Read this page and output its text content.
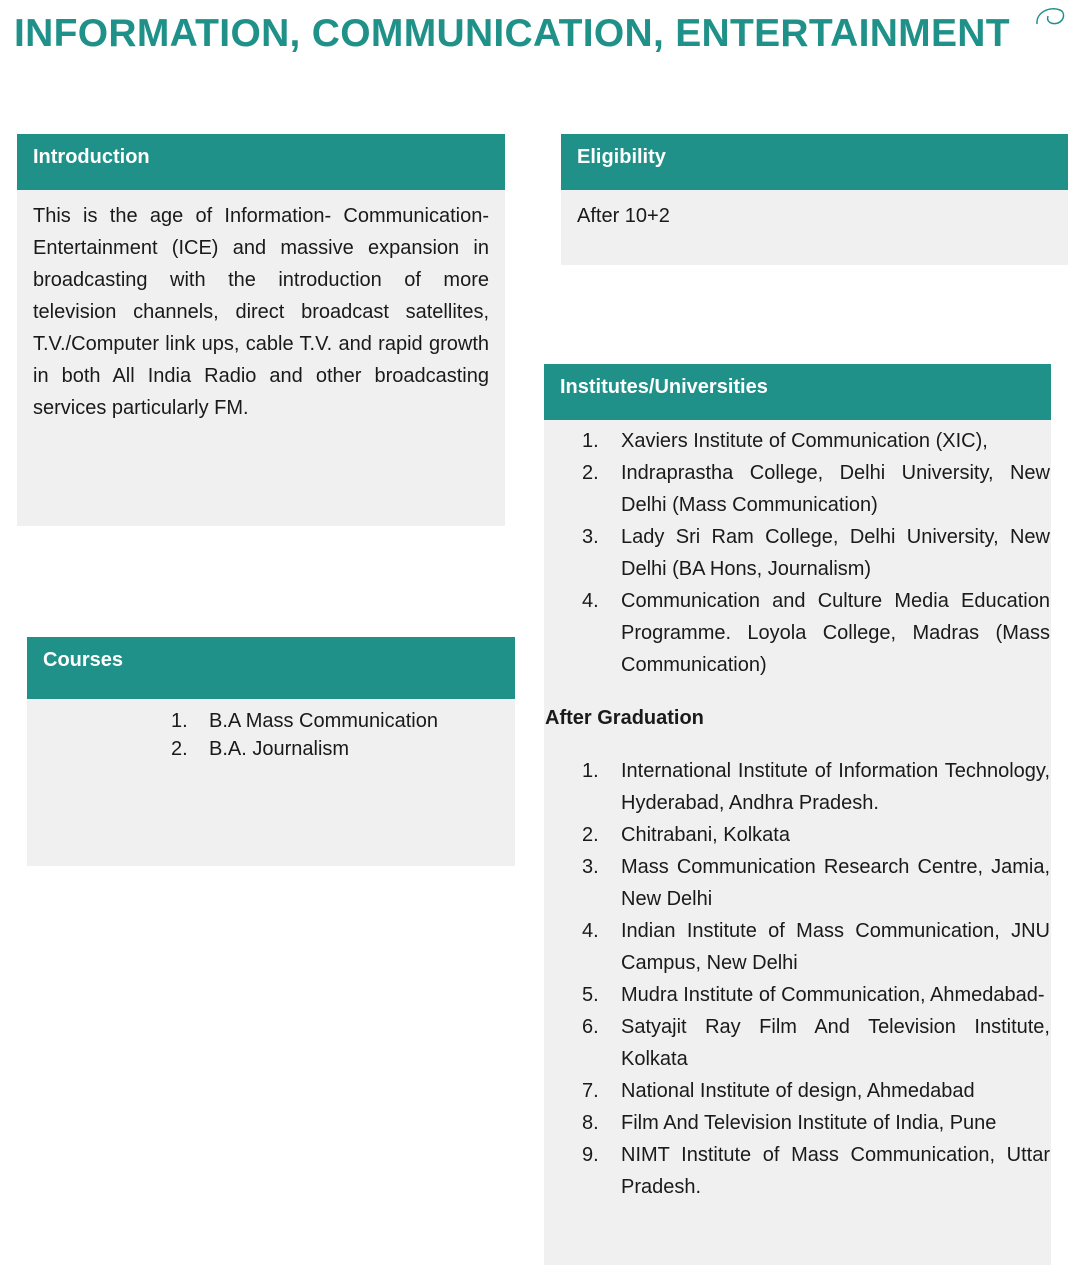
INFORMATION, COMMUNICATION, ENTERTAINMENT
Introduction
This is the age of Information- Communication- Entertainment (ICE) and massive expansion in broadcasting with the introduction of more television channels, direct broadcast satellites, T.V./Computer link ups, cable T.V. and rapid growth in both All India Radio and other broadcasting services particularly FM.
Eligibility
After 10+2
Courses
1. B.A Mass Communication
2. B.A. Journalism
Institutes/Universities
1. Xaviers Institute of Communication (XIC),
2. Indraprastha College, Delhi University, New Delhi (Mass Communication)
3. Lady Sri Ram College, Delhi University, New Delhi (BA Hons, Journalism)
4. Communication and Culture Media Education Programme. Loyola College, Madras (Mass Communication)
After Graduation
1. International Institute of Information Technology, Hyderabad, Andhra Pradesh.
2. Chitrabani, Kolkata
3. Mass Communication Research Centre, Jamia, New Delhi
4. Indian Institute of Mass Communication, JNU Campus, New Delhi
5. Mudra Institute of Communication, Ahmedabad-
6. Satyajit Ray Film And Television Institute, Kolkata
7. National Institute of design, Ahmedabad
8. Film And Television Institute of India, Pune
9. NIMT Institute of Mass Communication, Uttar Pradesh.
